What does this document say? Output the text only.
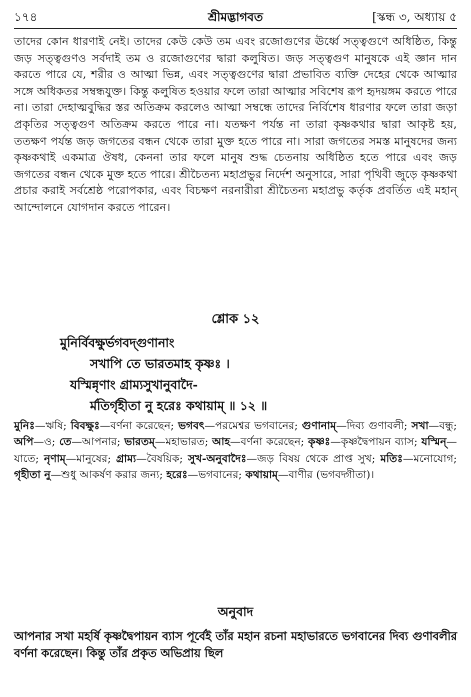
১৭৪	শ্রীমদ্ভাগবত	[স্কন্ধ ৩, অধ্যায় ৫

তাদের কোন ধারণাই নেই। তাদের কেউ কেউ তম এবং রজোগুণের ঊর্ধ্বে সত্ত্বগুণে অধিষ্ঠিত, কিন্তু জড় সত্ত্বগুণও সর্বদাই তম ও রজোগুণের দ্বারা কলুষিত। জড় সত্ত্বগুণ মানুষকে এই জ্ঞান দান করতে পারে যে, শরীর ও আত্মা ভিন্ন, এবং সত্ত্বগুণের দ্বারা প্রভাবিত ব্যক্তি দেহের থেকে আত্মার সঙ্গে অধিকতর সম্বন্ধযুক্ত। কিন্তু কলুষিত হওয়ার ফলে তারা আত্মার সবিশেষ রূপ হৃদয়ঙ্গম করতে পারে না। তারা দেহাত্মবুদ্ধির স্তর অতিক্রম করলেও আত্মা সম্বন্ধে তাদের নির্বিশেষ ধারণার ফলে তারা জড়া প্রকৃতির সত্ত্বগুণ অতিক্রম করতে পারে না। যতক্ষণ পর্যন্ত না তারা কৃষ্ণকথার দ্বারা আকৃষ্ট হয়, ততক্ষণ পর্যন্ত জড় জগতের বন্ধন থেকে তারা মুক্ত হতে পারে না। সারা জগতের সমস্ত মানুষদের জন্য কৃষ্ণকথাই একমাত্র ঔষধ, কেননা তার ফলে মানুষ শুদ্ধ চেতনায় অধিষ্ঠিত হতে পারে এবং জড় জগতের বন্ধন থেকে মুক্ত হতে পারে। শ্রীচৈতন্য মহাপ্রভুর নির্দেশ অনুসারে, সারা পৃথিবী জুড়ে কৃষ্ণকথা প্রচার করাই সর্বশ্রেষ্ঠ পরোপকার, এবং বিচক্ষণ নরনারীরা শ্রীচৈতন্য মহাপ্রভু কর্তৃক প্রবর্তিত এই মহান্ আন্দোলনে যোগদান করতে পারেন।

শ্লোক ১২
মুনির্বিবক্ষুর্ভগবদ্‌গুণানাং
সখাপি তে ভারতমাহ কৃষ্ণঃ ।
যস্মিন্নৃণাং গ্রাম্যসুখানুবাদৈ-
র্মতির্গৃহীতা নু হরেঃ কথায়াম্ ॥ ১২ ॥

মুনিঃ—ঋষি; বিবক্ষুঃ—বর্ণনা করেছেন; ভগবৎ—পরমেশ্বর ভগবানের; গুণানাম্—দিব্য গুণাবলী; সখা—বন্ধু; অপি—ও; তে—আপনার; ভারতম্—মহাভারত; আহ—বর্ণনা করেছেন; কৃষ্ণঃ—কৃষ্ণদ্বৈপায়ন ব্যাস; যস্মিন্—যাতে; নৃণাম্—মানুষের; গ্রাম্য—বৈষয়িক; সুখ-অনুবাদৈঃ—জড় বিষয় থেকে প্রাপ্ত সুখ; মতিঃ—মনোযোগ; গৃহীতা নু—শুধু আকর্ষণ করার জন্য; হরেঃ—ভগবানের; কথায়াম্—বাণীর (ভগবদ্গীতা)।

অনুবাদ

আপনার সখা মহর্ষি কৃষ্ণদ্বৈপায়ন ব্যাস পূর্বেই তাঁর মহান রচনা মহাভারতে ভগবানের দিব্য গুণাবলীর বর্ণনা করেছেন। কিন্তু তাঁর প্রকৃত অভিপ্রায় ছিল
